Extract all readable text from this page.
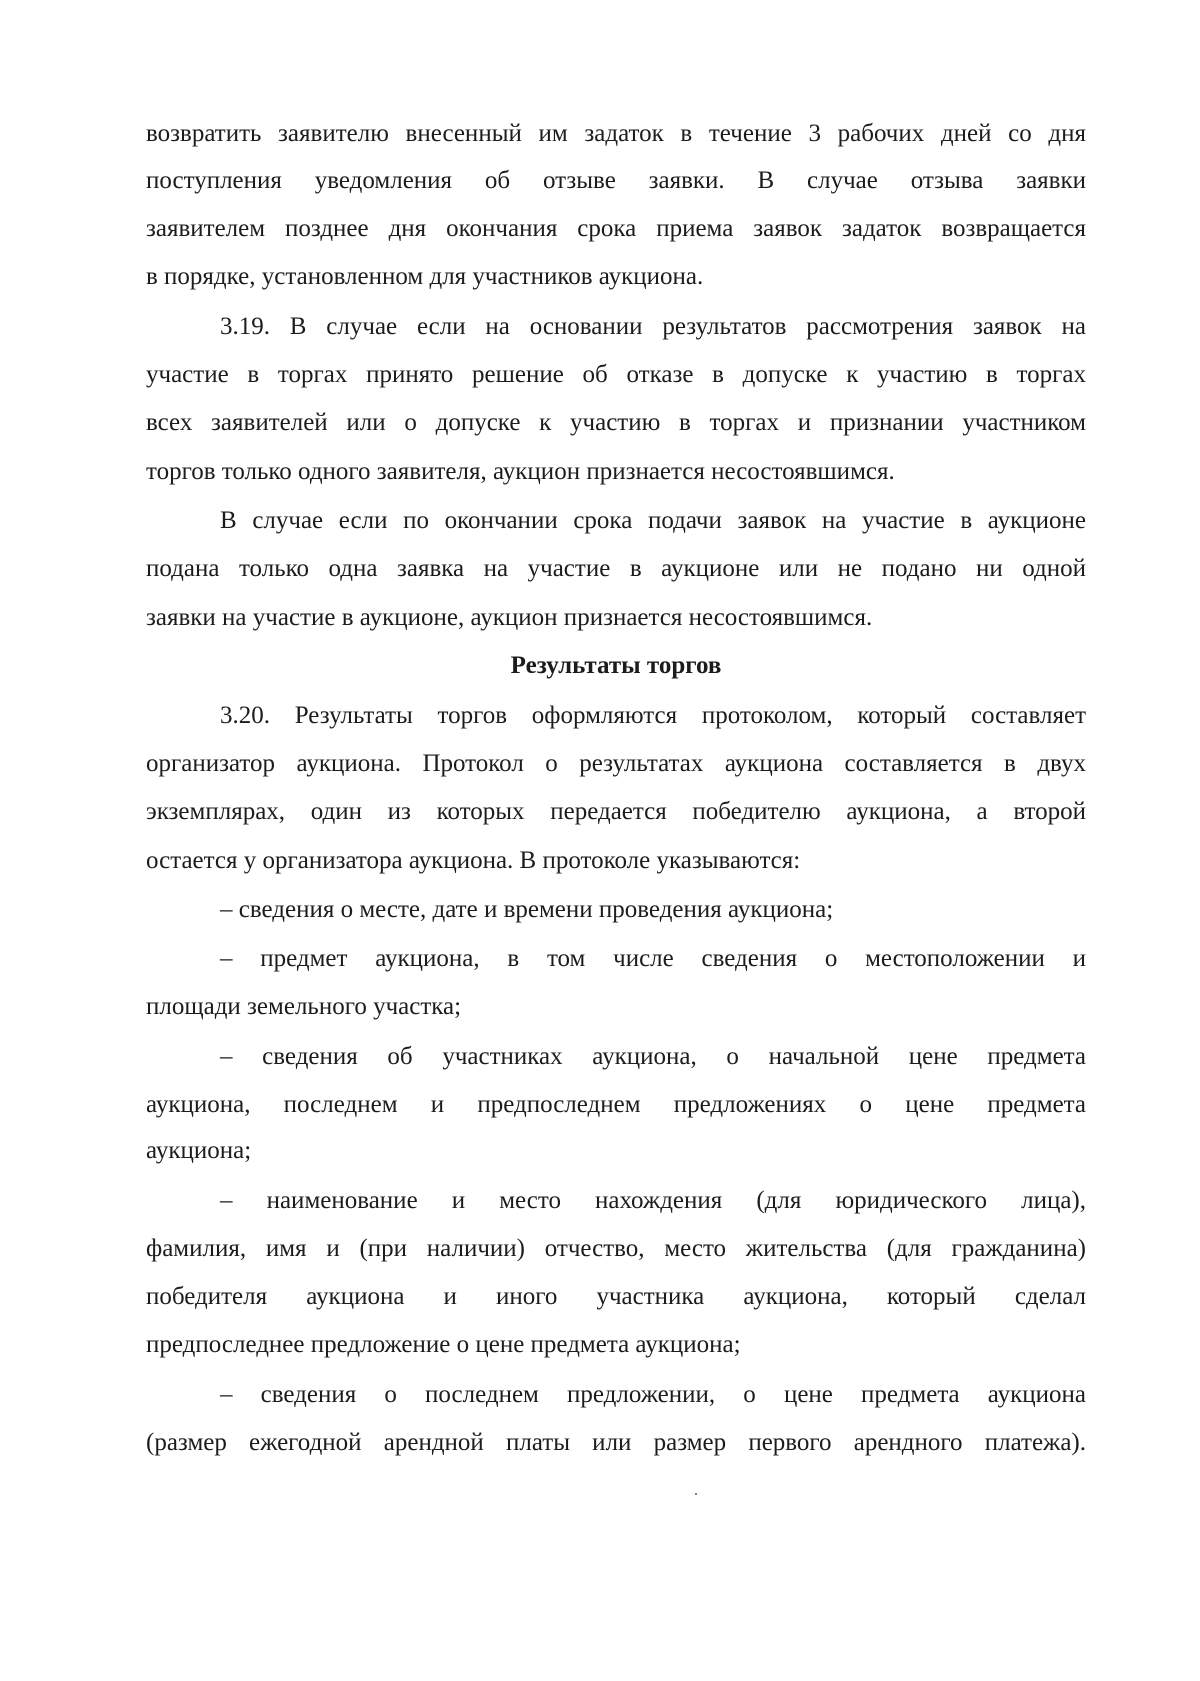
возвратить заявителю внесенный им задаток в течение 3 рабочих дней со дня
поступления уведомления об отзыве заявки. В случае отзыва заявки
заявителем позднее дня окончания срока приема заявок задаток возвращается
в порядке, установленном для участников аукциона.
3.19. В случае если на основании результатов рассмотрения заявок на
участие в торгах принято решение об отказе в допуске к участию в торгах
всех заявителей или о допуске к участию в торгах и признании участником
торгов только одного заявителя, аукцион признается несостоявшимся.
В случае если по окончании срока подачи заявок на участие в аукционе
подана только одна заявка на участие в аукционе или не подано ни одной
заявки на участие в аукционе, аукцион признается несостоявшимся.
Результаты торгов
3.20. Результаты торгов оформляются протоколом, который составляет
организатор аукциона. Протокол о результатах аукциона составляется в двух
экземплярах, один из которых передается победителю аукциона, а второй
остается у организатора аукциона. В протоколе указываются:
– сведения о месте, дате и времени проведения аукциона;
– предмет аукциона, в том числе сведения о местоположении и
площади земельного участка;
– сведения об участниках аукциона, о начальной цене предмета
аукциона, последнем и предпоследнем предложениях о цене предмета
аукциона;
– наименование и место нахождения (для юридического лица),
фамилия, имя и (при наличии) отчество, место жительства (для гражданина)
победителя аукциона и иного участника аукциона, который сделал
предпоследнее предложение о цене предмета аукциона;
– сведения о последнем предложении, о цене предмета аукциона
(размер ежегодной арендной платы или размер первого арендного платежа).
